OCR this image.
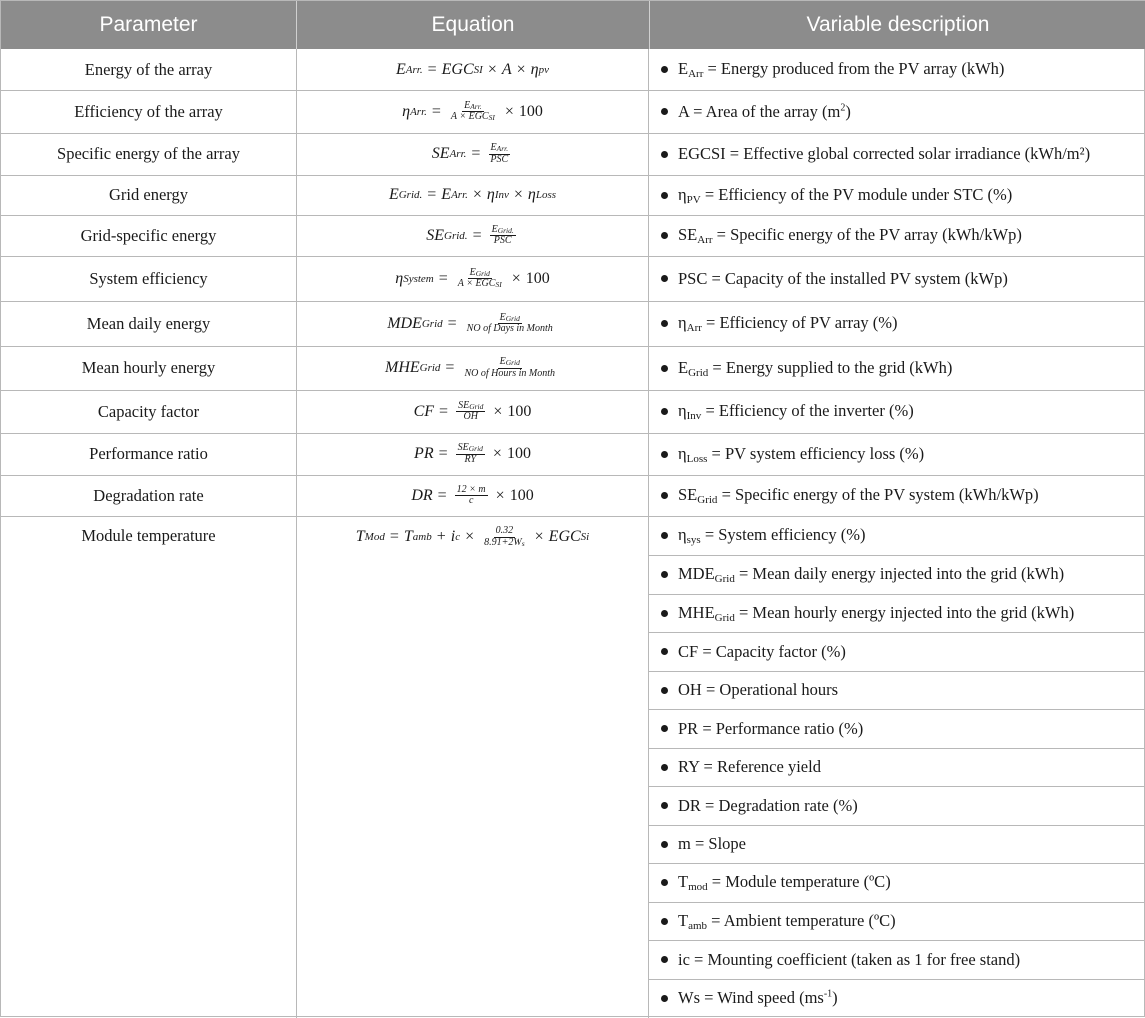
Parameter	Equation	Variable description
Energy of the array
Efficiency of the array
Specific energy of the array
Grid energy
Grid-specific energy
System efficiency
Mean daily energy
Mean hourly energy
Capacity factor
Performance ratio
Degradation rate
Module temperature
E Arr. = EGC SI × A × η pv
η Arr. = $\frac{E_{Arr.}}{A \times EGC_{SI}} \times 100$
SE Arr. = $\frac{E_{Arr.}}{\text{PSC}}$
E Grid. = E Arr. × η Inv × η Loss
SE Grid. = $\frac{E_{Grid.}}{\text{PSC}}$
η System = $\frac{E_{Grid}}{A \times EGC_{SI}} \times 100$
MDE Grid = $\frac{E_{Grid}}{\text{NO of Days in Month}}$
MHE Grid = $\frac{E_{Grid}}{\text{NO of Hours in Month}}$
CF = $\frac{SE_{Grid}}{OH} \times 100$
PR = $\frac{SE_{Grid}}{RY} \times 100$
DR = $\frac{12 \times m}{c} \times 100$
T Mod = T amb + i $c \times \frac{0.32}{8.91+2W_s}$ × EGC Si
$E_{Arr}$ = Energy produced from the PV array (kWh)
A = Area of the array $(m^2)$
EGCSI = Effective global corrected solar irradiance (kWh/m²)
$\eta_{PV}$ = Efficiency of the PV module under STC (%)
$SE_{Arr}$ = Specific energy of the PV array (kWh/kWp)
PSC = Capacity of the installed PV system (kWp)
$\eta_{Arr}$ = Efficiency of PV array (%)
$E_{Grid}$ = Energy supplied to the grid (kWh)
$\eta_{Inv}$ = Efficiency of the inverter (%)
$\eta_{Loss}$ = PV system efficiency loss (%)
$SE_{Grid}$ = Specific energy of the PV system (kWh/kWp)
$\eta_{sys}$ = System efficiency (%)
$MDE_{Grid}$ = Mean daily energy injected into the grid (kWh)
$MHE_{Grid}$ = Mean hourly energy injected into the grid (kWh)
CF = Capacity factor (%)
OH = Operational hours
PR = Performance ratio (%)
RY = Reference yield
DR = Degradation rate (%)
m = Slope
$T_{mod}$ = Module temperature (ºC)
$T_{amb}$ = Ambient temperature (ºC)
ic = Mounting coefficient (taken as 1 for free stand)
Ws = Wind speed $(ms^{-1})$
